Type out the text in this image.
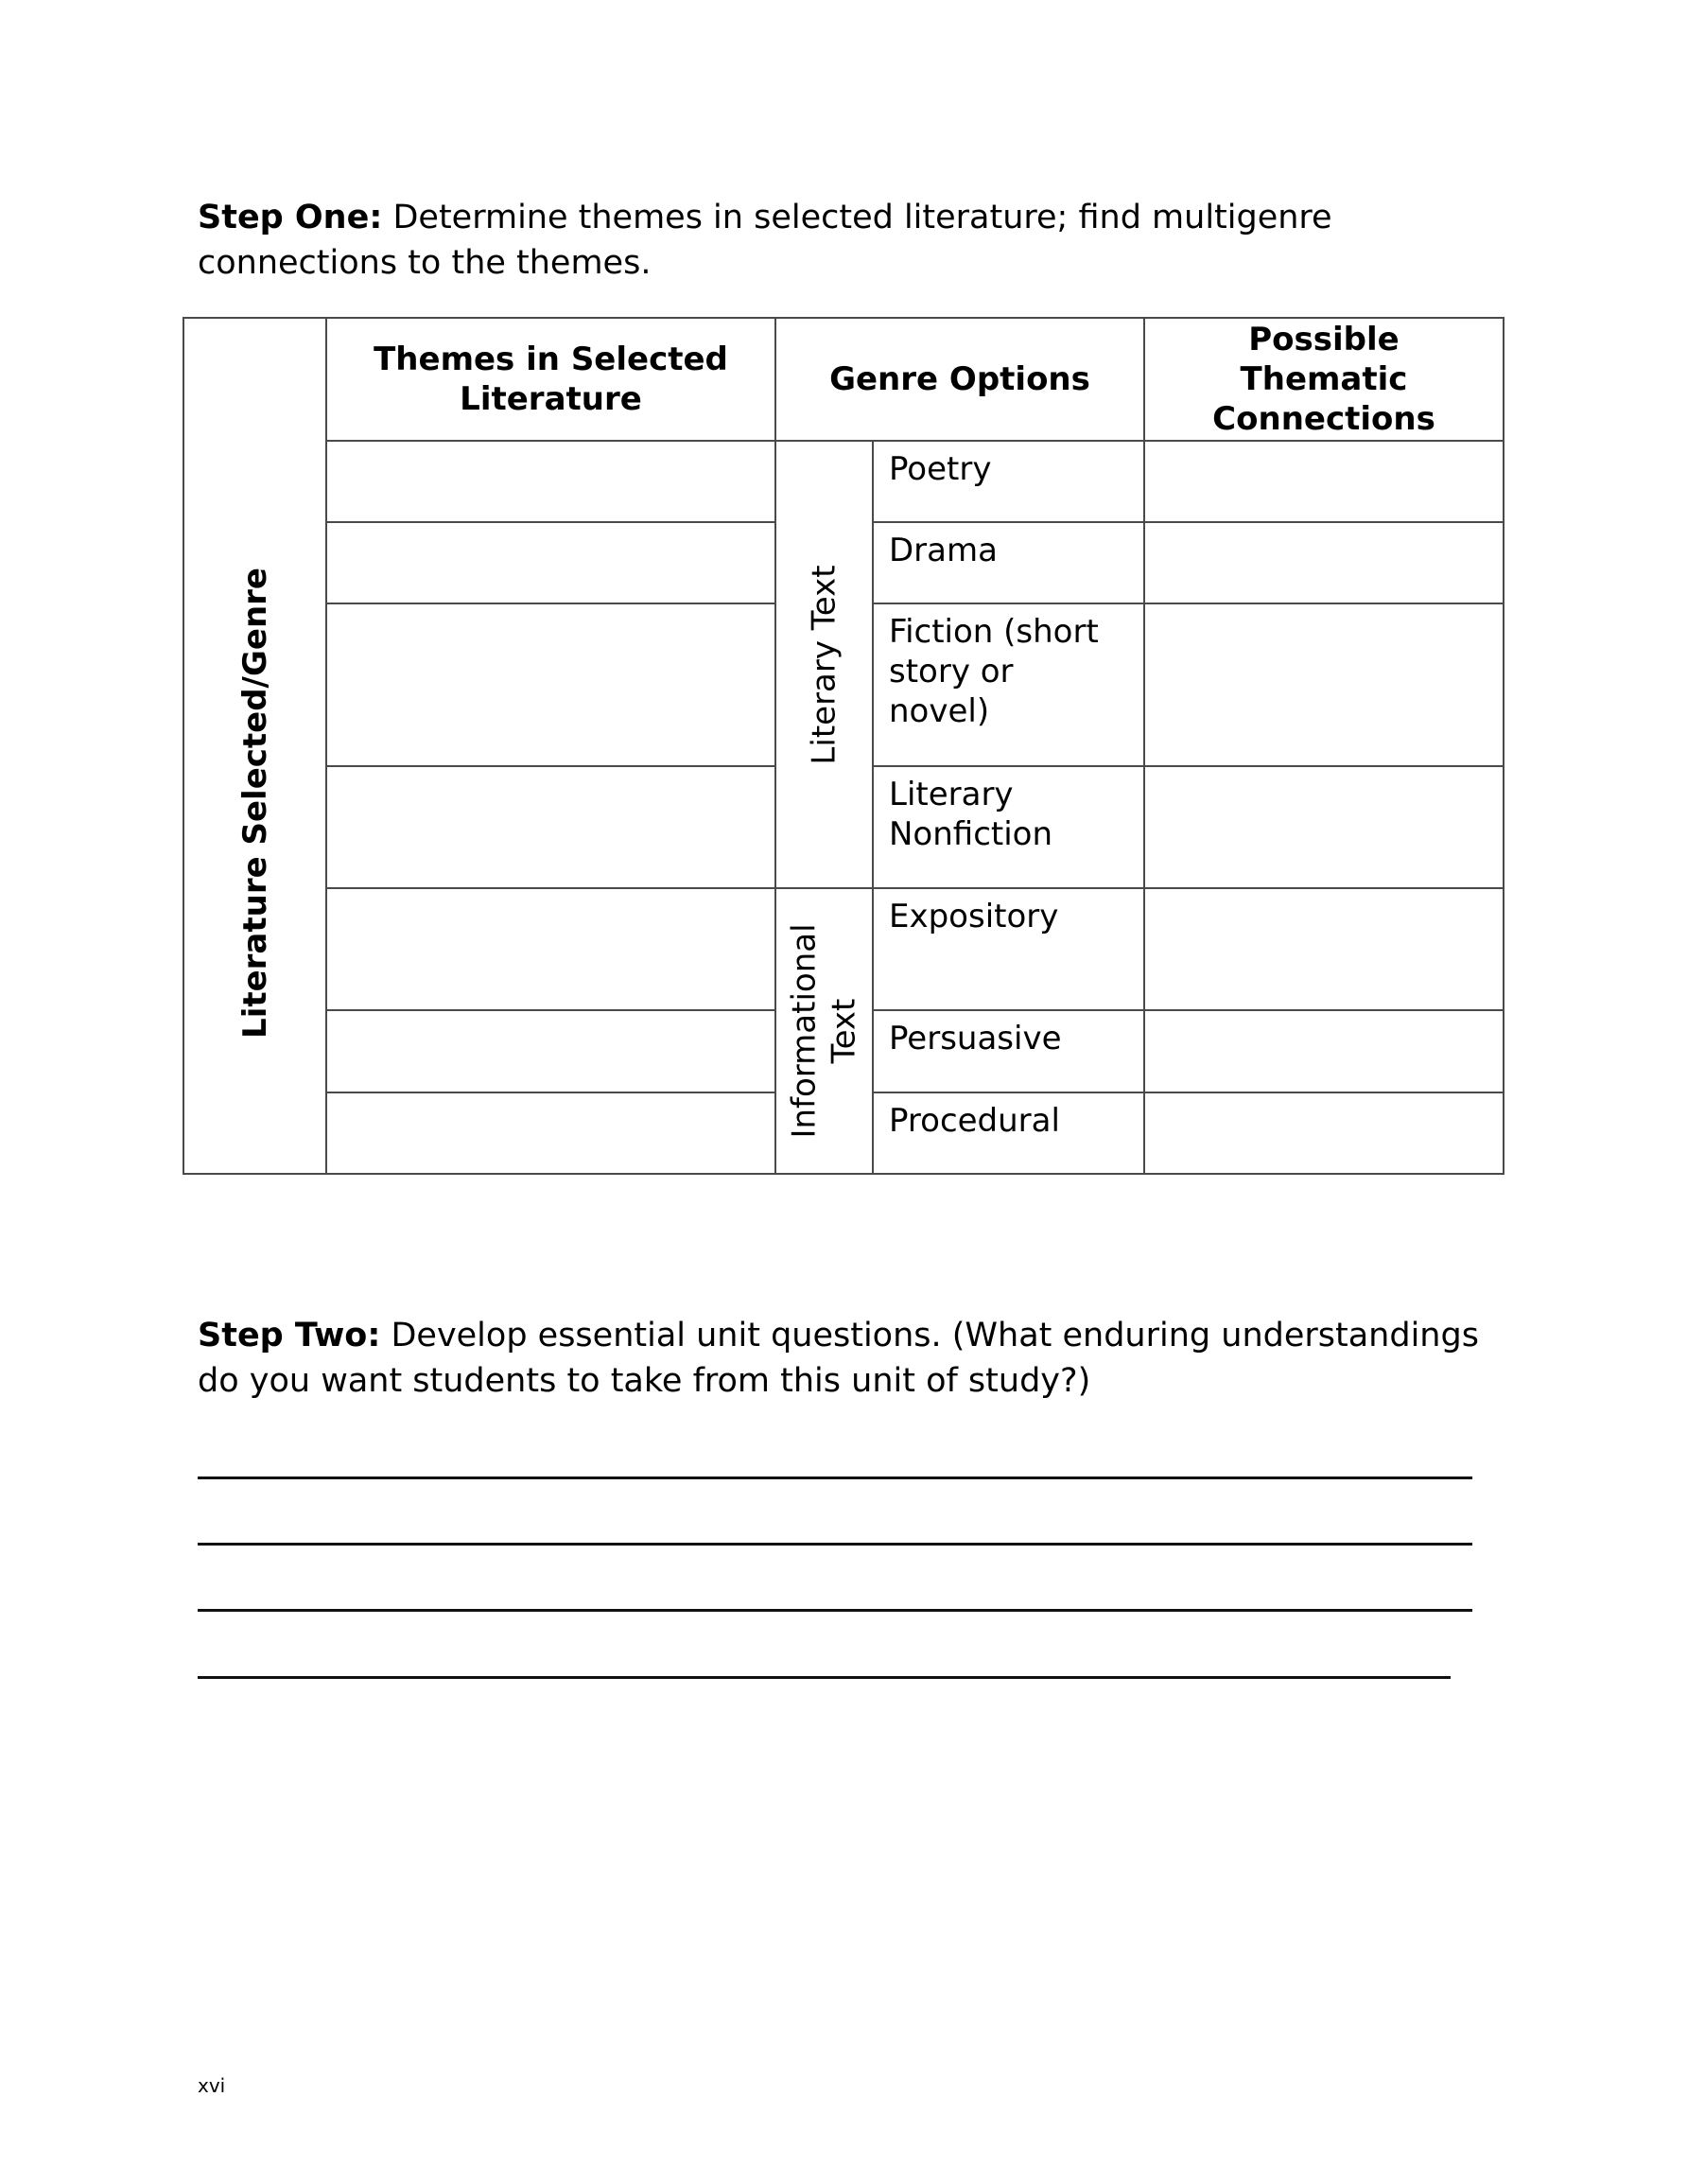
Step One: Determine themes in selected literature; find multigenre connections to the themes.

Literature Selected/Genre
Themes in Selected Literature
Genre Options
Possible Thematic Connections
Literary Text
Informational Text
Poetry
Drama
Fiction (short story or novel)
Literary Nonfiction
Expository
Persuasive
Procedural

Step Two: Develop essential unit questions. (What enduring understandings do you want students to take from this unit of study?)

xvi
